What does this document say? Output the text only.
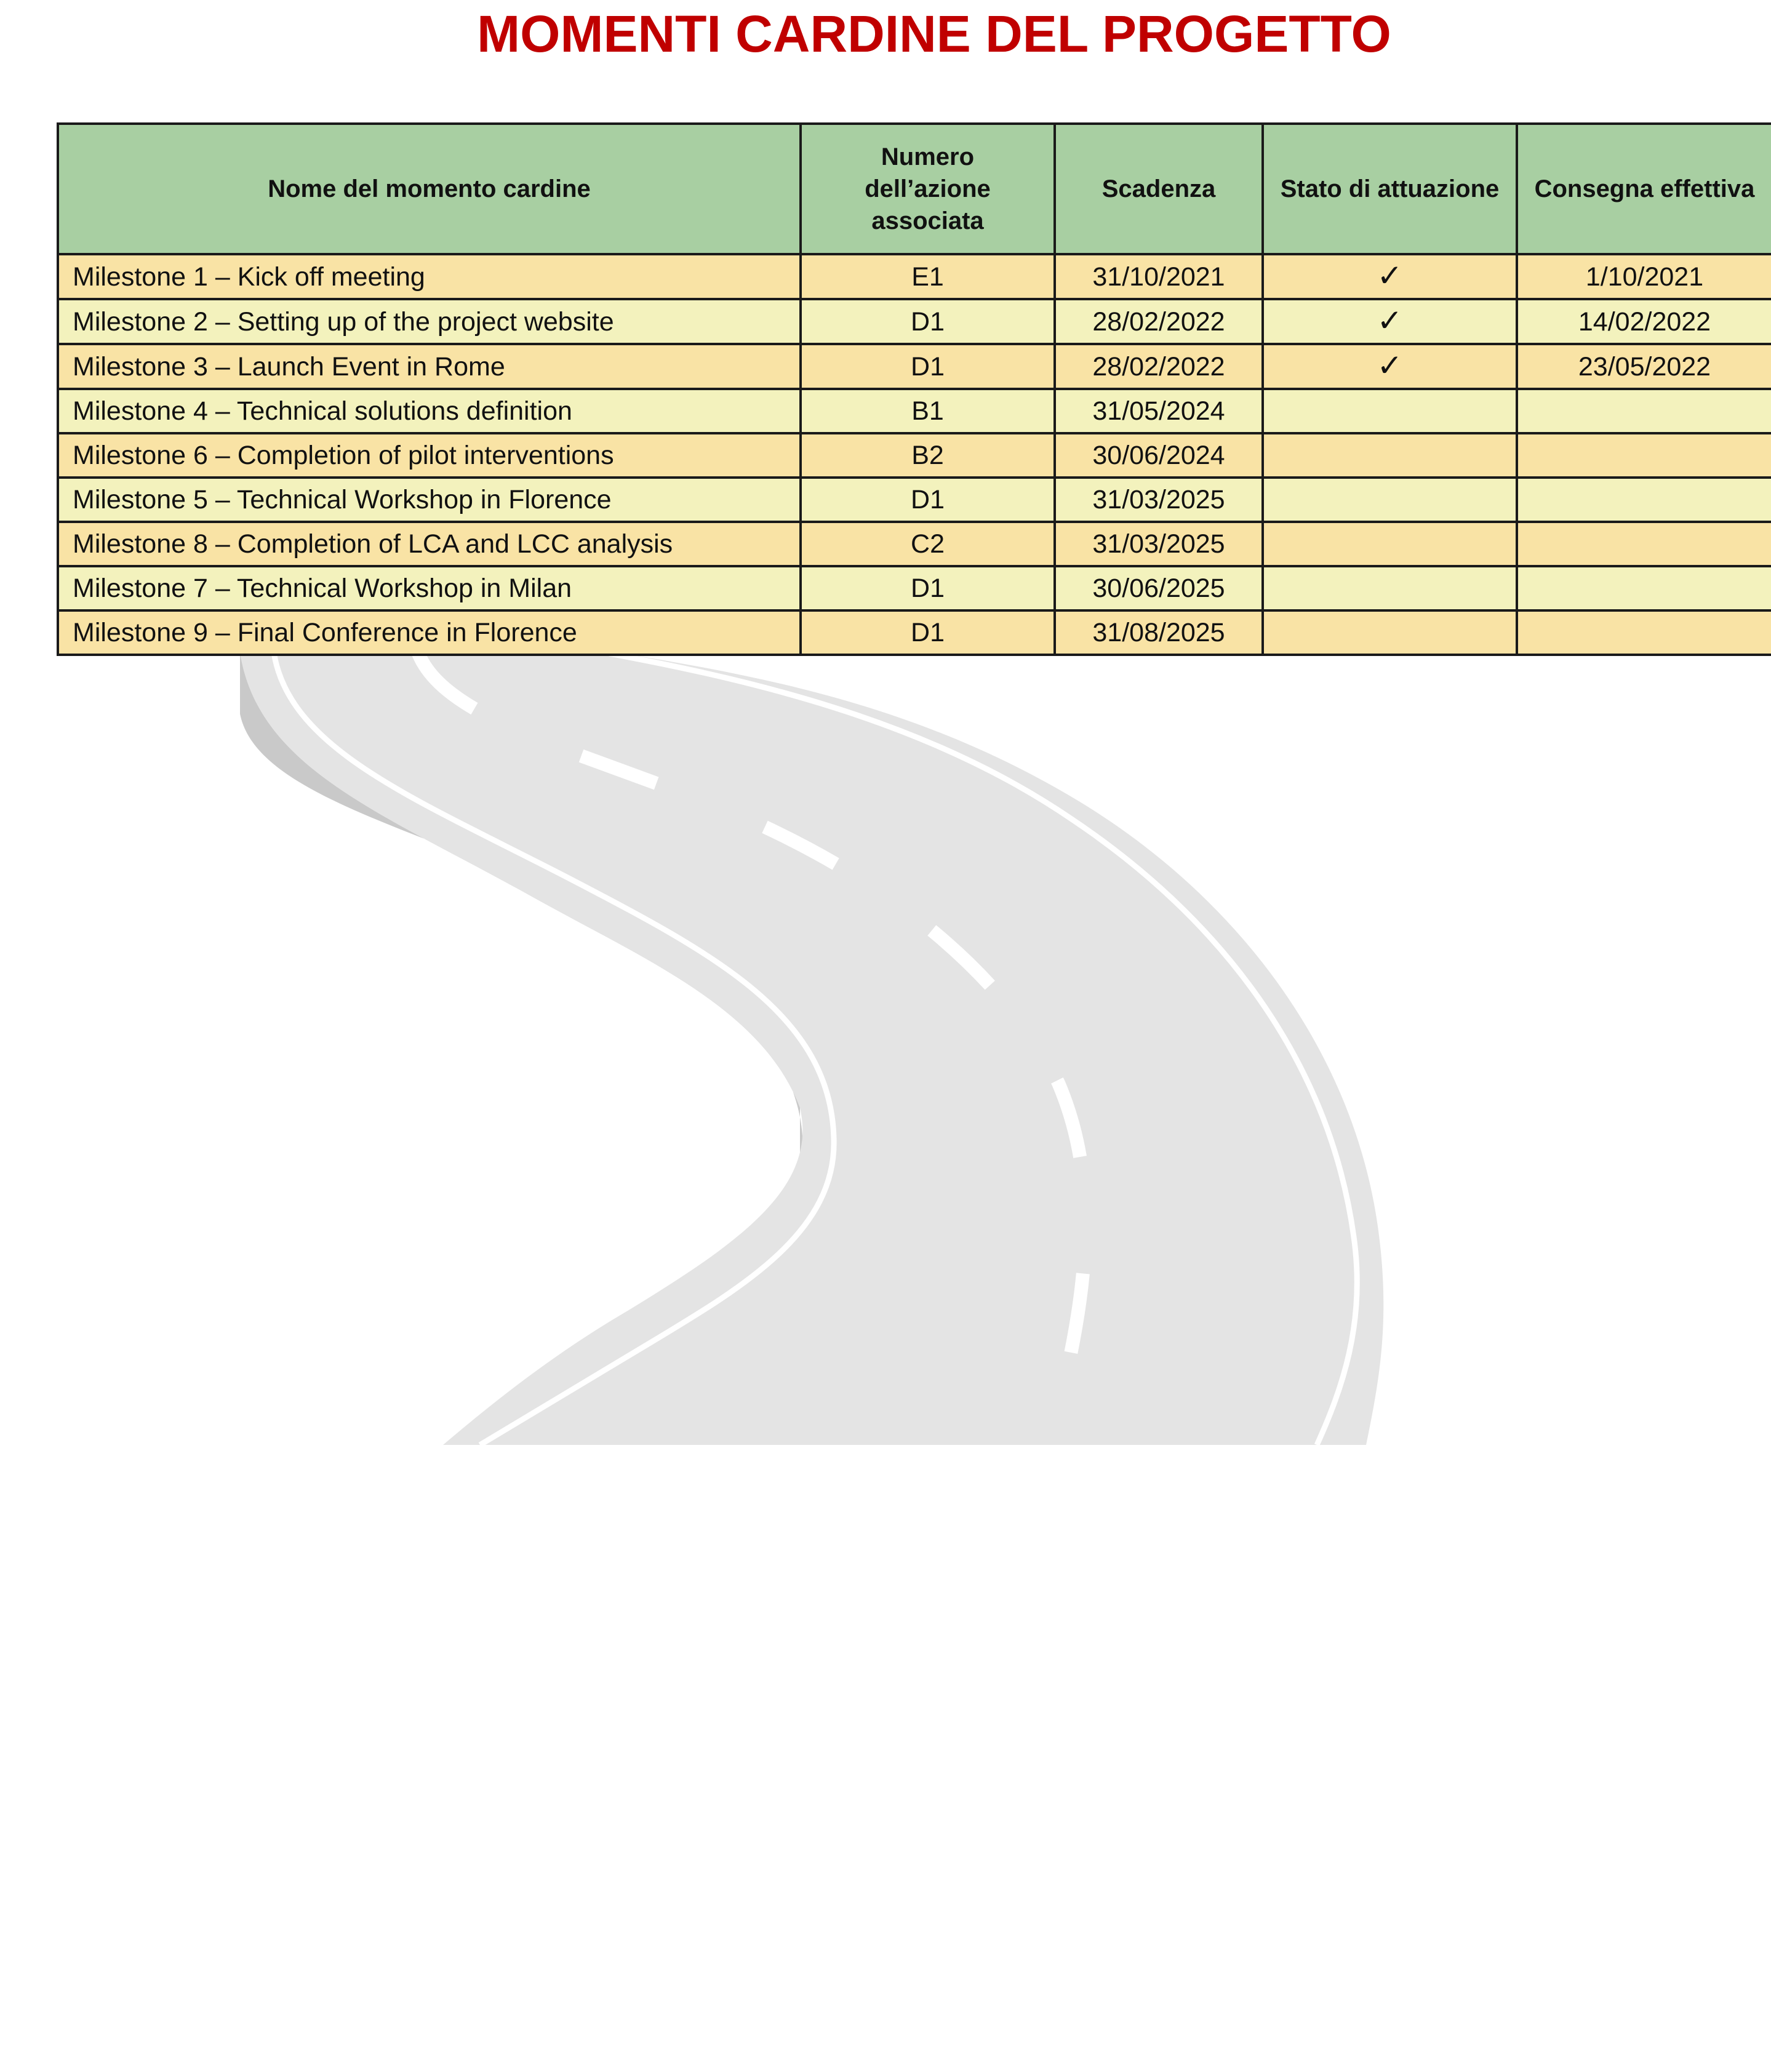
MOMENTI CARDINE DEL PROGETTO
Nome del momento cardine	Numero dell’azione associata	Scadenza	Stato di attuazione	Consegna effettiva
Milestone 1 – Kick off meeting	E1	31/10/2021	✓	1/10/2021
Milestone 2 – Setting up of the project website	D1	28/02/2022	✓	14/02/2022
Milestone 3 – Launch Event in Rome	D1	28/02/2022	✓	23/05/2022
Milestone 4 – Technical solutions definition	B1	31/05/2024		
Milestone 6 – Completion of pilot interventions	B2	30/06/2024		
Milestone 5 – Technical Workshop in Florence	D1	31/03/2025		
Milestone 8 – Completion of LCA and LCC analysis	C2	31/03/2025		
Milestone 7 – Technical Workshop in Milan	D1	30/06/2025		
Milestone 9 – Final Conference in Florence	D1	31/08/2025		
